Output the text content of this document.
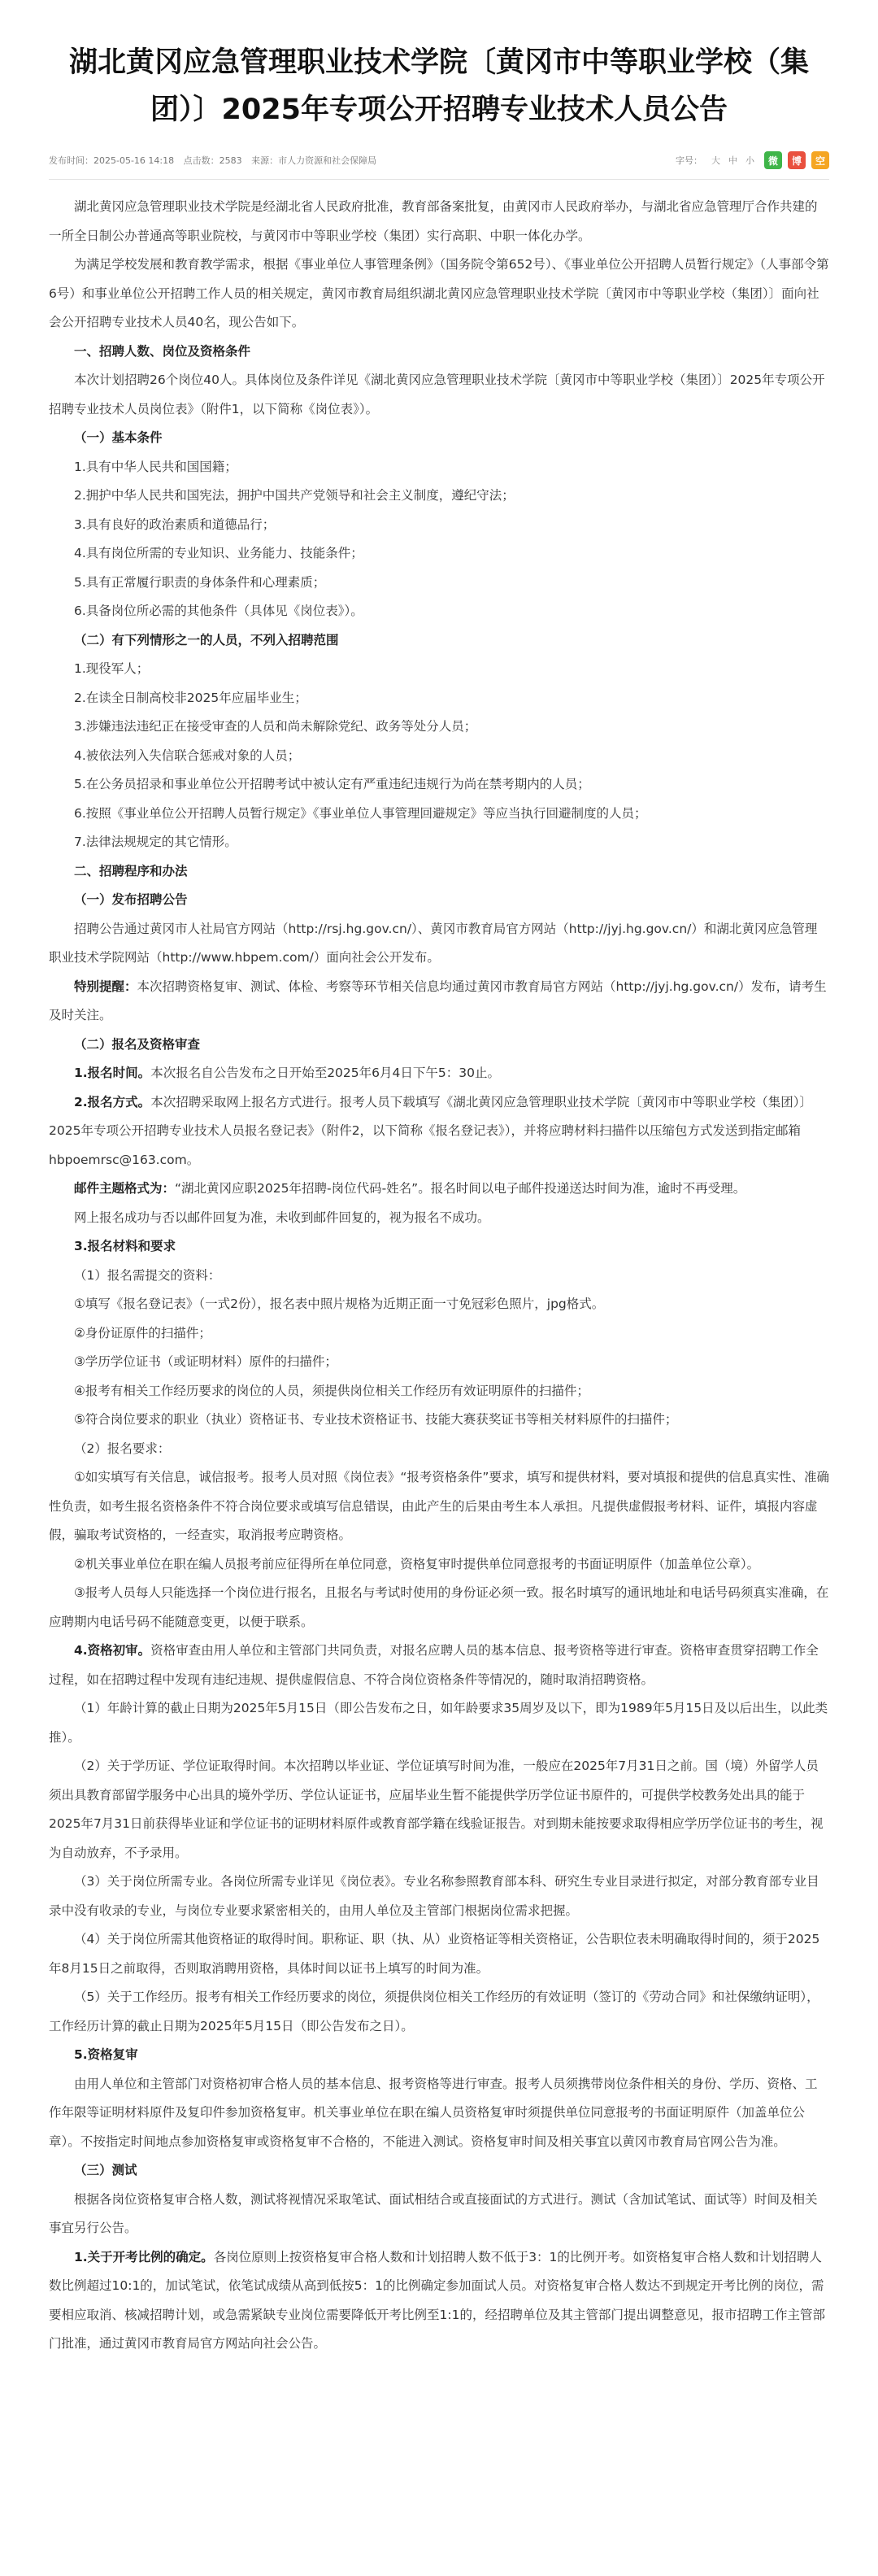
湖北黄冈应急管理职业技术学院〔黄冈市中等职业学校（集
团）〕2025年专项公开招聘专业技术人员公告
发布时间：2025-05-16 14:18 点击数：2583 来源：市人力资源和社会保障局	字号： 大 中 小	微	博	空

湖北黄冈应急管理职业技术学院是经湖北省人民政府批准，教育部备案批复，由黄冈市人民政府举办，与湖北省应急管理厅合作共建的一所全日制公办普通高等职业院校，与黄冈市中等职业学校（集团）实行高职、中职一体化办学。

为满足学校发展和教育教学需求，根据《事业单位人事管理条例》（国务院令第652号）、《事业单位公开招聘人员暂行规定》（人事部令第6号）和事业单位公开招聘工作人员的相关规定，黄冈市教育局组织湖北黄冈应急管理职业技术学院〔黄冈市中等职业学校（集团）〕面向社会公开招聘专业技术人员40名，现公告如下。

一、招聘人数、岗位及资格条件

本次计划招聘26个岗位40人。具体岗位及条件详见《湖北黄冈应急管理职业技术学院〔黄冈市中等职业学校（集团）〕2025年专项公开招聘专业技术人员岗位表》（附件1，以下简称《岗位表》）。

（一）基本条件

1.具有中华人民共和国国籍；

2.拥护中华人民共和国宪法，拥护中国共产党领导和社会主义制度，遵纪守法；

3.具有良好的政治素质和道德品行；

4.具有岗位所需的专业知识、业务能力、技能条件；

5.具有正常履行职责的身体条件和心理素质；

6.具备岗位所必需的其他条件（具体见《岗位表》）。

（二）有下列情形之一的人员，不列入招聘范围

1.现役军人；

2.在读全日制高校非2025年应届毕业生；

3.涉嫌违法违纪正在接受审查的人员和尚未解除党纪、政务等处分人员；

4.被依法列入失信联合惩戒对象的人员；

5.在公务员招录和事业单位公开招聘考试中被认定有严重违纪违规行为尚在禁考期内的人员；

6.按照《事业单位公开招聘人员暂行规定》《事业单位人事管理回避规定》等应当执行回避制度的人员；

7.法律法规规定的其它情形。

二、招聘程序和办法

（一）发布招聘公告

招聘公告通过黄冈市人社局官方网站（http://rsj.hg.gov.cn/）、黄冈市教育局官方网站（http://jyj.hg.gov.cn/）和湖北黄冈应急管理职业技术学院网站（http://www.hbpem.com/）面向社会公开发布。

特别提醒：本次招聘资格复审、测试、体检、考察等环节相关信息均通过黄冈市教育局官方网站（http://jyj.hg.gov.cn/）发布，请考生及时关注。

（二）报名及资格审查

1.报名时间。本次报名自公告发布之日开始至2025年6月4日下午5：30止。

2.报名方式。本次招聘采取网上报名方式进行。报考人员下载填写《湖北黄冈应急管理职业技术学院〔黄冈市中等职业学校（集团）〕2025年专项公开招聘专业技术人员报名登记表》（附件2，以下简称《报名登记表》），并将应聘材料扫描件以压缩包方式发送到指定邮箱hbpoemrsc@163.com。

邮件主题格式为：“湖北黄冈应职2025年招聘-岗位代码-姓名”。报名时间以电子邮件投递送达时间为准，逾时不再受理。

网上报名成功与否以邮件回复为准，未收到邮件回复的，视为报名不成功。

3.报名材料和要求

（1）报名需提交的资料：

①填写《报名登记表》（一式2份），报名表中照片规格为近期正面一寸免冠彩色照片，jpg格式。

②身份证原件的扫描件；

③学历学位证书（或证明材料）原件的扫描件；

④报考有相关工作经历要求的岗位的人员，须提供岗位相关工作经历有效证明原件的扫描件；

⑤符合岗位要求的职业（执业）资格证书、专业技术资格证书、技能大赛获奖证书等相关材料原件的扫描件；

（2）报名要求：

①如实填写有关信息，诚信报考。报考人员对照《岗位表》“报考资格条件”要求，填写和提供材料，要对填报和提供的信息真实性、准确性负责，如考生报名资格条件不符合岗位要求或填写信息错误，由此产生的后果由考生本人承担。凡提供虚假报考材料、证件，填报内容虚假，骗取考试资格的，一经查实，取消报考应聘资格。

②机关事业单位在职在编人员报考前应征得所在单位同意，资格复审时提供单位同意报考的书面证明原件（加盖单位公章）。

③报考人员每人只能选择一个岗位进行报名，且报名与考试时使用的身份证必须一致。报名时填写的通讯地址和电话号码须真实准确，在应聘期内电话号码不能随意变更，以便于联系。

4.资格初审。资格审查由用人单位和主管部门共同负责，对报名应聘人员的基本信息、报考资格等进行审查。资格审查贯穿招聘工作全过程，如在招聘过程中发现有违纪违规、提供虚假信息、不符合岗位资格条件等情况的，随时取消招聘资格。

（1）年龄计算的截止日期为2025年5月15日（即公告发布之日，如年龄要求35周岁及以下，即为1989年5月15日及以后出生，以此类推）。

（2）关于学历证、学位证取得时间。本次招聘以毕业证、学位证填写时间为准，一般应在2025年7月31日之前。国（境）外留学人员须出具教育部留学服务中心出具的境外学历、学位认证证书，应届毕业生暂不能提供学历学位证书原件的，可提供学校教务处出具的能于2025年7月31日前获得毕业证和学位证书的证明材料原件或教育部学籍在线验证报告。对到期未能按要求取得相应学历学位证书的考生，视为自动放弃，不予录用。

（3）关于岗位所需专业。各岗位所需专业详见《岗位表》。专业名称参照教育部本科、研究生专业目录进行拟定，对部分教育部专业目录中没有收录的专业，与岗位专业要求紧密相关的，由用人单位及主管部门根据岗位需求把握。

（4）关于岗位所需其他资格证的取得时间。职称证、职（执、从）业资格证等相关资格证，公告职位表未明确取得时间的，须于2025年8月15日之前取得，否则取消聘用资格，具体时间以证书上填写的时间为准。

（5）关于工作经历。报考有相关工作经历要求的岗位，须提供岗位相关工作经历的有效证明（签订的《劳动合同》和社保缴纳证明），工作经历计算的截止日期为2025年5月15日（即公告发布之日）。

5.资格复审

由用人单位和主管部门对资格初审合格人员的基本信息、报考资格等进行审查。报考人员须携带岗位条件相关的身份、学历、资格、工作年限等证明材料原件及复印件参加资格复审。机关事业单位在职在编人员资格复审时须提供单位同意报考的书面证明原件（加盖单位公章）。不按指定时间地点参加资格复审或资格复审不合格的，不能进入测试。资格复审时间及相关事宜以黄冈市教育局官网公告为准。

（三）测试

根据各岗位资格复审合格人数，测试将视情况采取笔试、面试相结合或直接面试的方式进行。测试（含加试笔试、面试等）时间及相关事宜另行公告。

1.关于开考比例的确定。各岗位原则上按资格复审合格人数和计划招聘人数不低于3：1的比例开考。如资格复审合格人数和计划招聘人数比例超过10:1的，加试笔试，依笔试成绩从高到低按5：1的比例确定参加面试人员。对资格复审合格人数达不到规定开考比例的岗位，需要相应取消、核减招聘计划，或急需紧缺专业岗位需要降低开考比例至1:1的，经招聘单位及其主管部门提出调整意见，报市招聘工作主管部门批准，通过黄冈市教育局官方网站向社会公告。
